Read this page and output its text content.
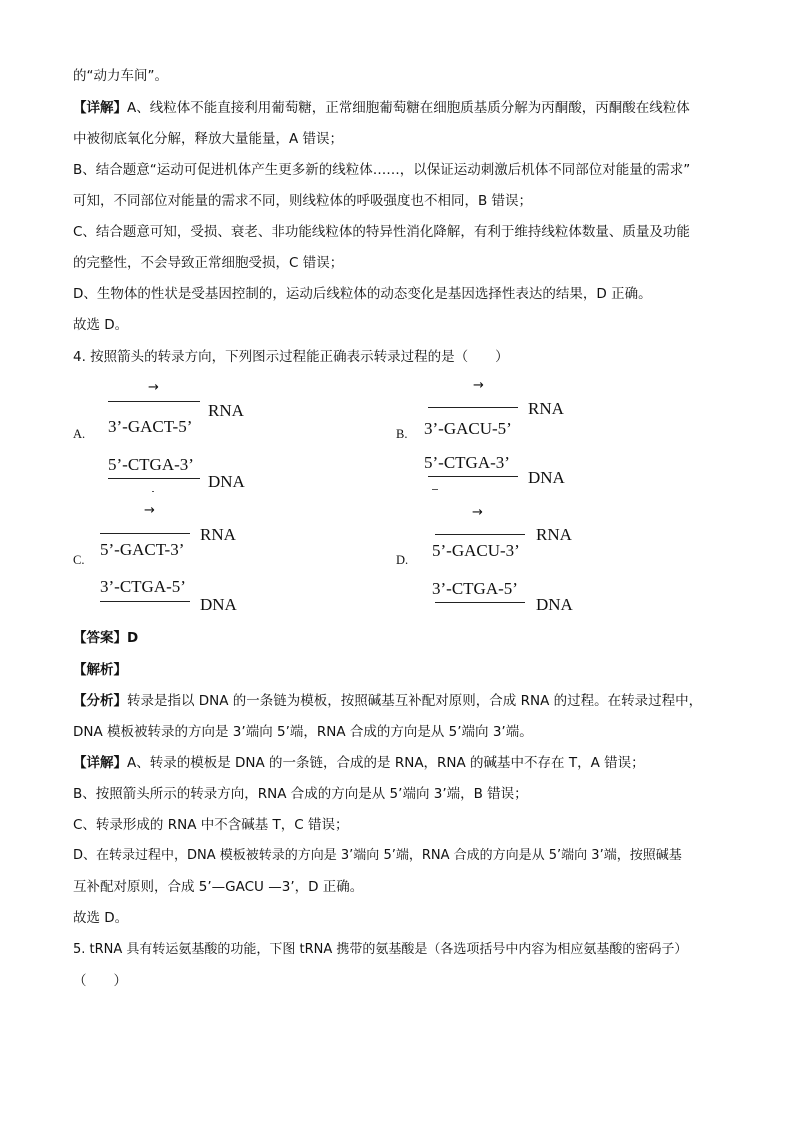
的“动力车间”。
【详解】A、线粒体不能直接利用葡萄糖，正常细胞葡萄糖在细胞质基质分解为丙酮酸，丙酮酸在线粒体
中被彻底氧化分解，释放大量能量，A 错误；
B、结合题意“运动可促进机体产生更多新的线粒体……，以保证运动刺激后机体不同部位对能量的需求”
可知，不同部位对能量的需求不同，则线粒体的呼吸强度也不相同，B 错误；
C、结合题意可知，受损、衰老、非功能线粒体的特异性消化降解，有利于维持线粒体数量、质量及功能
的完整性，不会导致正常细胞受损，C 错误；
D、生物体的性状是受基因控制的，运动后线粒体的动态变化是基因选择性表达的结果，D 正确。
故选 D。
4. 按照箭头的转录方向，下列图示过程能正确表示转录过程的是（　　）
A.
→
RNA
3’-GACT-5’
5’-CTGA-3’
DNA
B.
→
RNA
3’-GACU-5’
5’-CTGA-3’
DNA
C.
→
RNA
5’-GACT-3’
3’-CTGA-5’
DNA
D.
→
RNA
5’-GACU-3’
3’-CTGA-5’
DNA
【答案】D
【解析】
【分析】转录是指以 DNA 的一条链为模板，按照碱基互补配对原则，合成 RNA 的过程。在转录过程中，
DNA 模板被转录的方向是 3’端向 5’端，RNA 合成的方向是从 5’端向 3’端。
【详解】A、转录的模板是 DNA 的一条链，合成的是 RNA，RNA 的碱基中不存在 T，A 错误；
B、按照箭头所示的转录方向，RNA 合成的方向是从 5’端向 3’端，B 错误；
C、转录形成的 RNA 中不含碱基 T，C 错误；
D、在转录过程中，DNA 模板被转录的方向是 3’端向 5’端，RNA 合成的方向是从 5’端向 3’端，按照碱基
互补配对原则，合成 5’—GACU —3’，D 正确。
故选 D。
5. tRNA 具有转运氨基酸的功能，下图 tRNA 携带的氨基酸是（各选项括号中内容为相应氨基酸的密码子）
（　　）
